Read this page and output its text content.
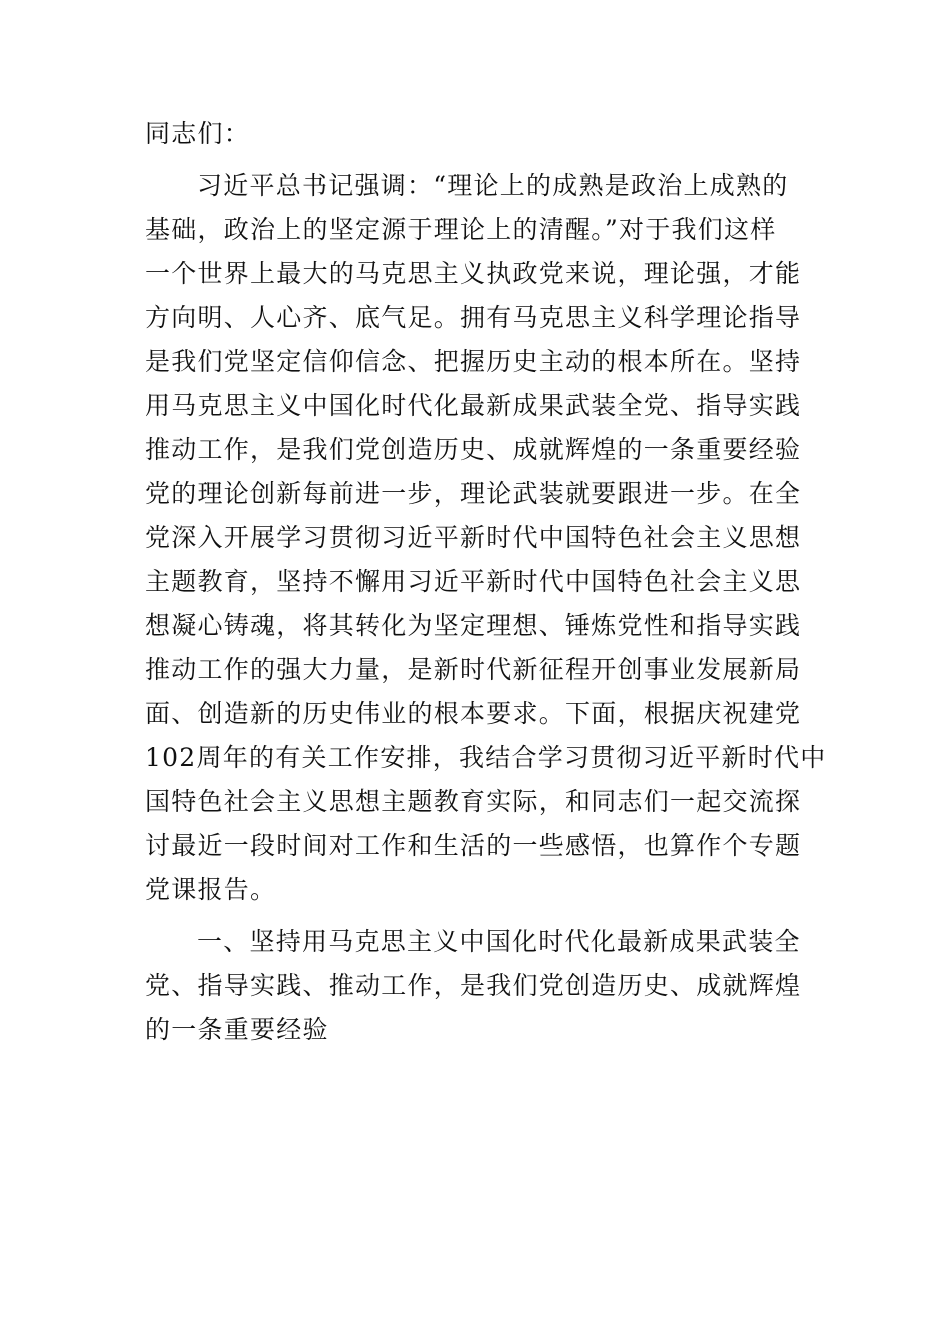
同志们：
习近平总书记强调：“理论上的成熟是政治上成熟的
基础，政治上的坚定源于理论上的清醒。”对于我们这样
一个世界上最大的马克思主义执政党来说，理论强，才能
方向明、人心齐、底气足。拥有马克思主义科学理论指导
是我们党坚定信仰信念、把握历史主动的根本所在。坚持
用马克思主义中国化时代化最新成果武装全党、指导实践
推动工作，是我们党创造历史、成就辉煌的一条重要经验
党的理论创新每前进一步，理论武装就要跟进一步。在全
党深入开展学习贯彻习近平新时代中国特色社会主义思想
主题教育，坚持不懈用习近平新时代中国特色社会主义思
想凝心铸魂，将其转化为坚定理想、锤炼党性和指导实践
推动工作的强大力量，是新时代新征程开创事业发展新局
面、创造新的历史伟业的根本要求。下面，根据庆祝建党
102周年的有关工作安排，我结合学习贯彻习近平新时代中
国特色社会主义思想主题教育实际，和同志们一起交流探
讨最近一段时间对工作和生活的一些感悟，也算作个专题
党课报告。
一、坚持用马克思主义中国化时代化最新成果武装全
党、指导实践、推动工作，是我们党创造历史、成就辉煌
的一条重要经验
